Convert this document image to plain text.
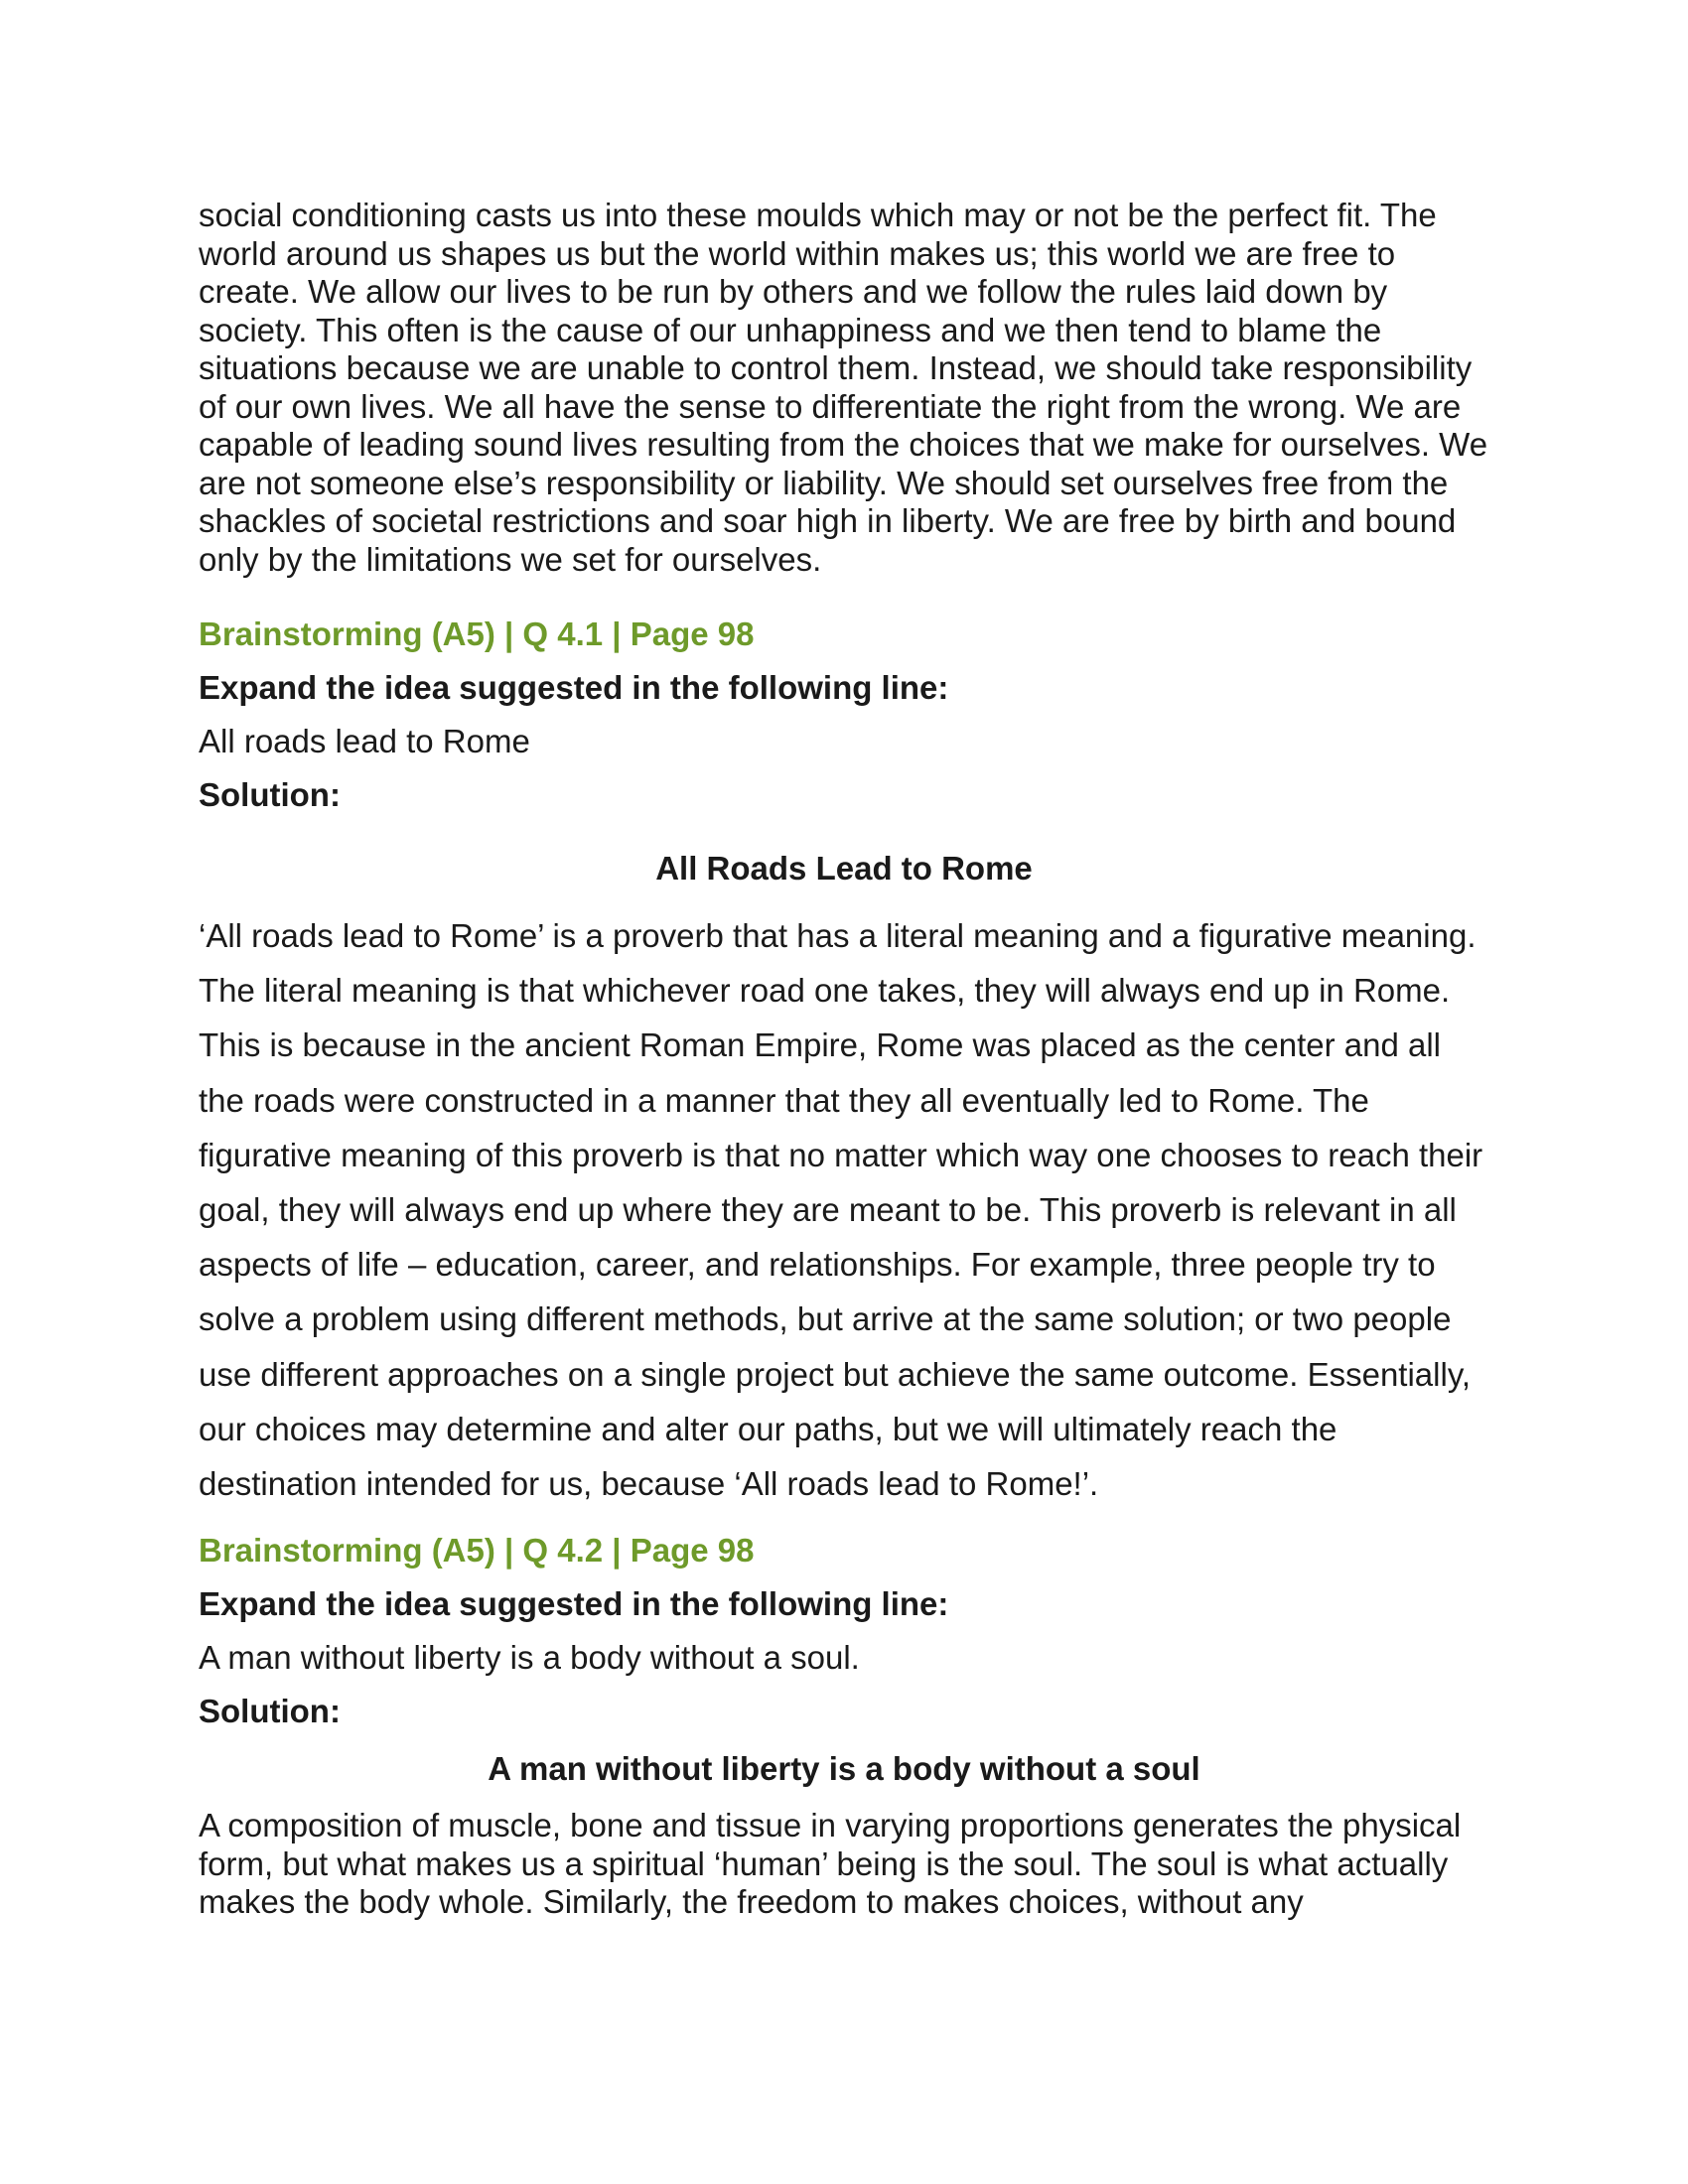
social conditioning casts us into these moulds which may or not be the perfect fit. The world around us shapes us but the world within makes us; this world we are free to create. We allow our lives to be run by others and we follow the rules laid down by society. This often is the cause of our unhappiness and we then tend to blame the situations because we are unable to control them. Instead, we should take responsibility of our own lives. We all have the sense to differentiate the right from the wrong. We are capable of leading sound lives resulting from the choices that we make for ourselves. We are not someone else’s responsibility or liability. We should set ourselves free from the shackles of societal restrictions and soar high in liberty. We are free by birth and bound only by the limitations we set for ourselves.

Brainstorming (A5) | Q 4.1 | Page 98
Expand the idea suggested in the following line:
All roads lead to Rome
Solution:
All Roads Lead to Rome

‘All roads lead to Rome’ is a proverb that has a literal meaning and a figurative meaning. The literal meaning is that whichever road one takes, they will always end up in Rome. This is because in the ancient Roman Empire, Rome was placed as the center and all the roads were constructed in a manner that they all eventually led to Rome. The figurative meaning of this proverb is that no matter which way one chooses to reach their goal, they will always end up where they are meant to be. This proverb is relevant in all aspects of life – education, career, and relationships. For example, three people try to solve a problem using different methods, but arrive at the same solution; or two people use different approaches on a single project but achieve the same outcome. Essentially, our choices may determine and alter our paths, but we will ultimately reach the destination intended for us, because ‘All roads lead to Rome!’.

Brainstorming (A5) | Q 4.2 | Page 98
Expand the idea suggested in the following line:
A man without liberty is a body without a soul.
Solution:
A man without liberty is a body without a soul

A composition of muscle, bone and tissue in varying proportions generates the physical form, but what makes us a spiritual ‘human’ being is the soul. The soul is what actually makes the body whole. Similarly, the freedom to makes choices, without any
